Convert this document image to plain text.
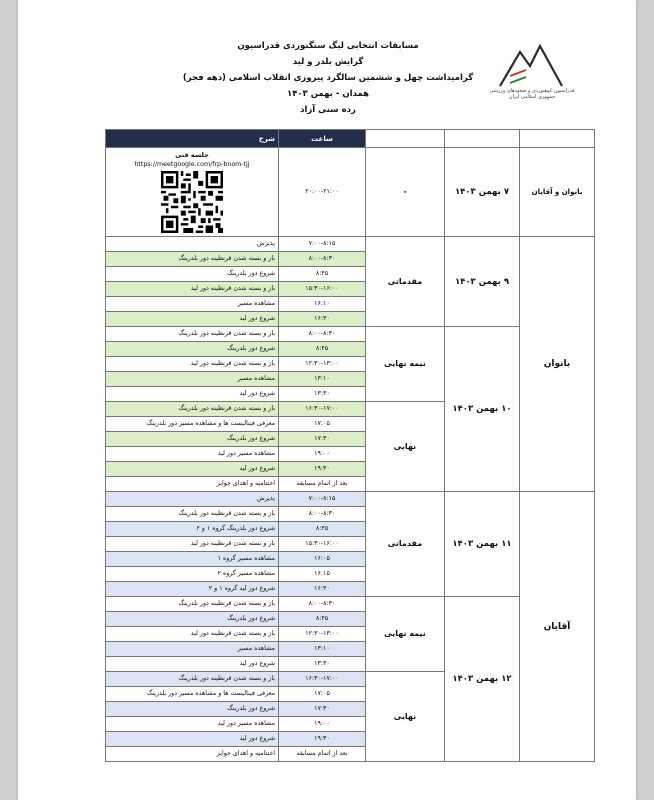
مسابقات انتخابی لیگ سنگنوردی قدراسیون
گرایش بلدر و لید
گرامیداشت چهل و ششمین سالگرد پیروزی انقلاب اسلامی (دهه فجر)
همدان - بهمن ۱۴۰۳
رده سنی آزاد
فدراسیون کوهنوردی و صعودهای ورزشی جمهوری اسلامی ایران
بخش	تاریخ	مرحله	ساعت	شرح
بانوان و آقایان	۷ بهمن ۱۴۰۳	-	۲۰:۰۰-۲۱:۰۰	جلسه فنی
https://meetgoogle.com/frp-bnom-tjj

بانوان	۹ بهمن ۱۴۰۳	مقدماتی	۷:۰۰-۸:۱۵	پذیرش
			۸:۰۰-۸:۳۰	باز و بسته شدن قرنطینه دور بلدرینگ
			۸:۴۵	شروع دور بلدرینگ
			۱۵:۳۰-۱۶:۰۰	باز و بسته شدن قرنطینه دور لید
			۱۶:۱۰	مشاهده مسیر
			۱۶:۳۰	شروع دور لید
	۱۰ بهمن ۱۴۰۳	نیمه نهایی	۸:۰۰-۸:۳۰	باز و بسته شدن قرنطینه دور بلدرینگ
			۸:۴۵	شروع دور بلدرینگ
			۱۲:۳۰-۱۳:۰۰	باز و بسته شدن قرنطینه دور لید
			۱۳:۱۰	مشاهده مسیر
			۱۳:۳۰	شروع دور لید
		نهایی	۱۶:۳۰-۱۷:۰۰	باز و بسته شدن قرنطینه دور بلدرینگ
			۱۷:۰۵	معرفی فینالیست ها و مشاهده مسیر دور بلدرینگ
			۱۷:۳۰	شروع دور بلدرینگ
			۱۹:۰۰	مشاهده مسیر دور لید
			۱۹:۳۰	شروع دور لید
			بعد از اتمام مسابقه	اختتامیه و اهدای جوایز
آقایان	۱۱ بهمن ۱۴۰۳	مقدماتی	۷:۰۰-۸:۱۵	پذیرش
			۸:۰۰-۸:۳۰	باز و بسته شدن قرنطینه دور بلدرینگ
			۸:۴۵	شروع دور بلدرینگ گروه ۱ و ۲
			۱۵:۳۰-۱۶:۰۰	باز و بسته شدن قرنطینه دور لید
			۱۶:۰۵	مشاهده مسیر گروه ۱
			۱۶:۱۵	مشاهده مسیر گروه ۲
			۱۶:۳۰	شروع دور لید گروه ۱ و ۲
	۱۲ بهمن ۱۴۰۳	نیمه نهایی	۸:۰۰-۸:۳۰	باز و بسته شدن قرنطینه دور بلدرینگ
			۸:۴۵	شروع دور بلدرینگ
			۱۲:۳۰-۱۳:۰۰	باز و بسته شدن قرنطینه دور لید
			۱۳:۱۰	مشاهده مسیر
			۱۳:۳۰	شروع دور لید
		نهایی	۱۶:۳۰-۱۷:۰۰	باز و بسته شدن قرنطینه دور بلدرینگ
			۱۷:۰۵	معرفی فینالیست ها و مشاهده مسیر دور بلدرینگ
			۱۷:۳۰	شروع دور بلدرینگ
			۱۹:۰۰	مشاهده مسیر دور لید
			۱۹:۳۰	شروع دور لید
			بعد از اتمام مسابقه	اختتامیه و اهدای جوایز
